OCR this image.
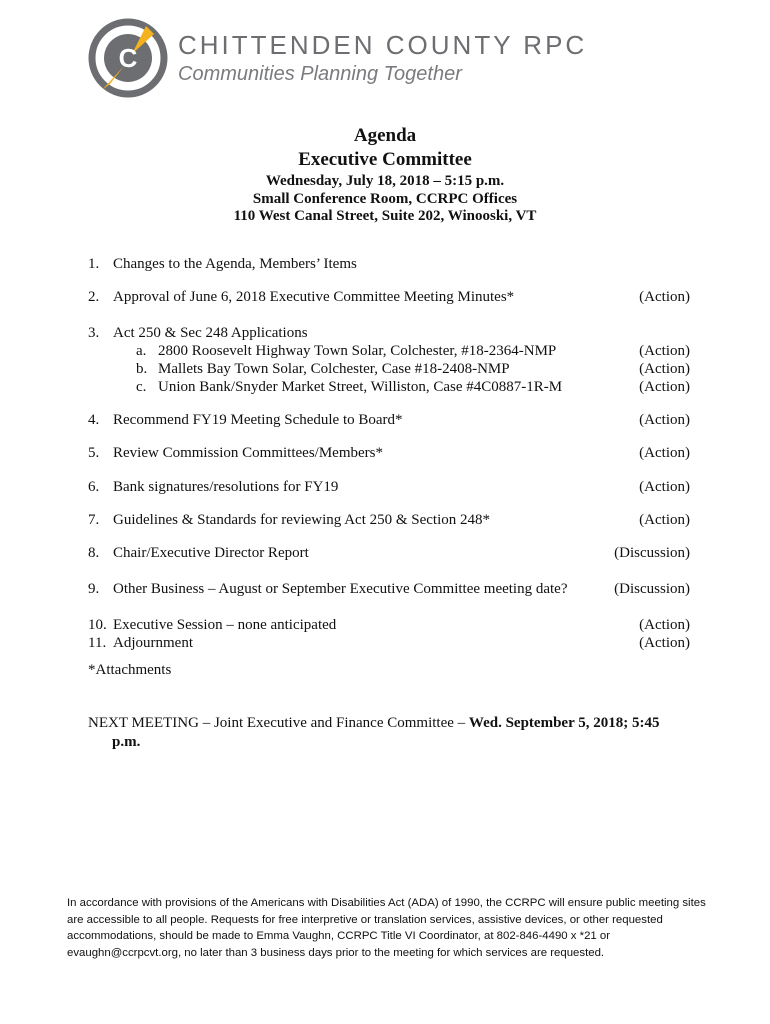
C CHITTENDEN COUNTY RPC
Communities Planning Together
Agenda
Executive Committee
Wednesday, July 18, 2018 – 5:15 p.m.
Small Conference Room, CCRPC Offices
110 West Canal Street, Suite 202, Winooski, VT
1. Changes to the Agenda, Members’ Items
2. Approval of June 6, 2018 Executive Committee Meeting Minutes*	(Action)
3. Act 250 & Sec 248 Applications
a. 2800 Roosevelt Highway Town Solar, Colchester, #18-2364-NMP	(Action)
b. Mallets Bay Town Solar, Colchester, Case #18-2408-NMP	(Action)
c. Union Bank/Snyder Market Street, Williston, Case #4C0887-1R-M	(Action)
4. Recommend FY19 Meeting Schedule to Board*	(Action)
5. Review Commission Committees/Members*	(Action)
6. Bank signatures/resolutions for FY19	(Action)
7. Guidelines & Standards for reviewing Act 250 & Section 248*	(Action)
8. Chair/Executive Director Report	(Discussion)
9. Other Business – August or September Executive Committee meeting date?	(Discussion)
10. Executive Session – none anticipated	(Action)
11. Adjournment	(Action)
*Attachments
NEXT MEETING – Joint Executive and Finance Committee – Wed. September 5, 2018; 5:45
p.m.
In accordance with provisions of the Americans with Disabilities Act (ADA) of 1990, the CCRPC will ensure public meeting sites are accessible to all people. Requests for free interpretive or translation services, assistive devices, or other requested accommodations, should be made to Emma Vaughn, CCRPC Title VI Coordinator, at 802-846-4490 x *21 or evaughn@ccrpcvt.org, no later than 3 business days prior to the meeting for which services are requested.
